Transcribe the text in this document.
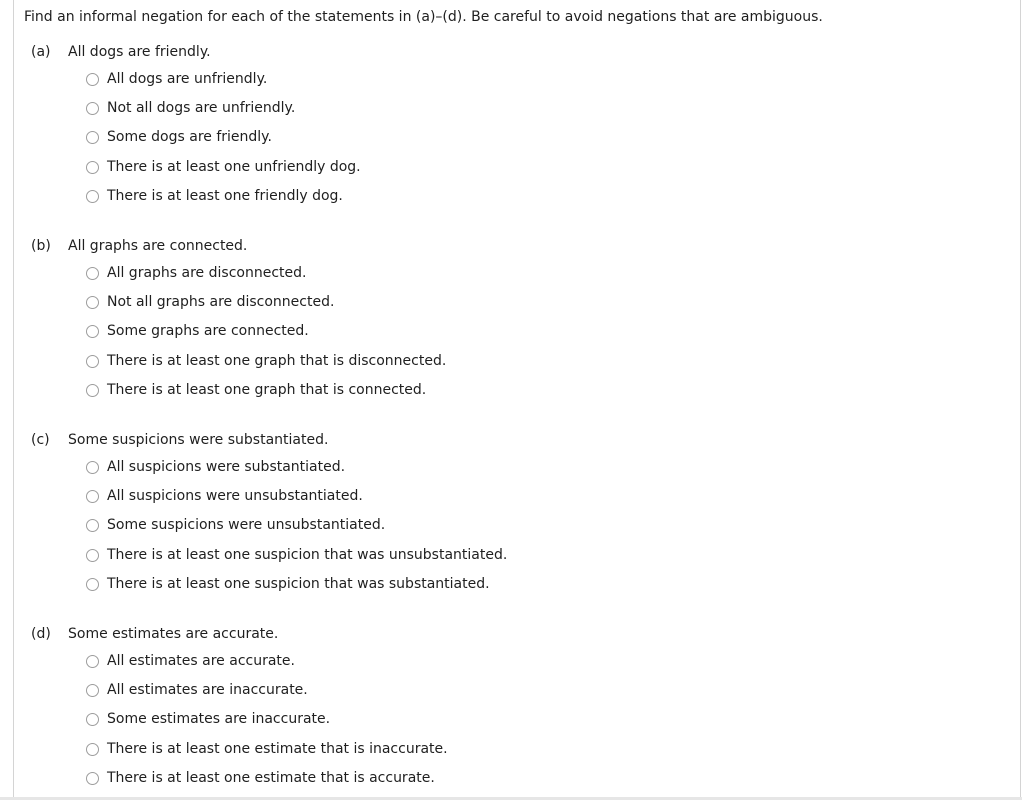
Find an informal negation for each of the statements in (a)–(d). Be careful to avoid negations that are ambiguous.
(a) All dogs are friendly.
All dogs are unfriendly.
Not all dogs are unfriendly.
Some dogs are friendly.
There is at least one unfriendly dog.
There is at least one friendly dog.
(b) All graphs are connected.
All graphs are disconnected.
Not all graphs are disconnected.
Some graphs are connected.
There is at least one graph that is disconnected.
There is at least one graph that is connected.
(c) Some suspicions were substantiated.
All suspicions were substantiated.
All suspicions were unsubstantiated.
Some suspicions were unsubstantiated.
There is at least one suspicion that was unsubstantiated.
There is at least one suspicion that was substantiated.
(d) Some estimates are accurate.
All estimates are accurate.
All estimates are inaccurate.
Some estimates are inaccurate.
There is at least one estimate that is inaccurate.
There is at least one estimate that is accurate.
